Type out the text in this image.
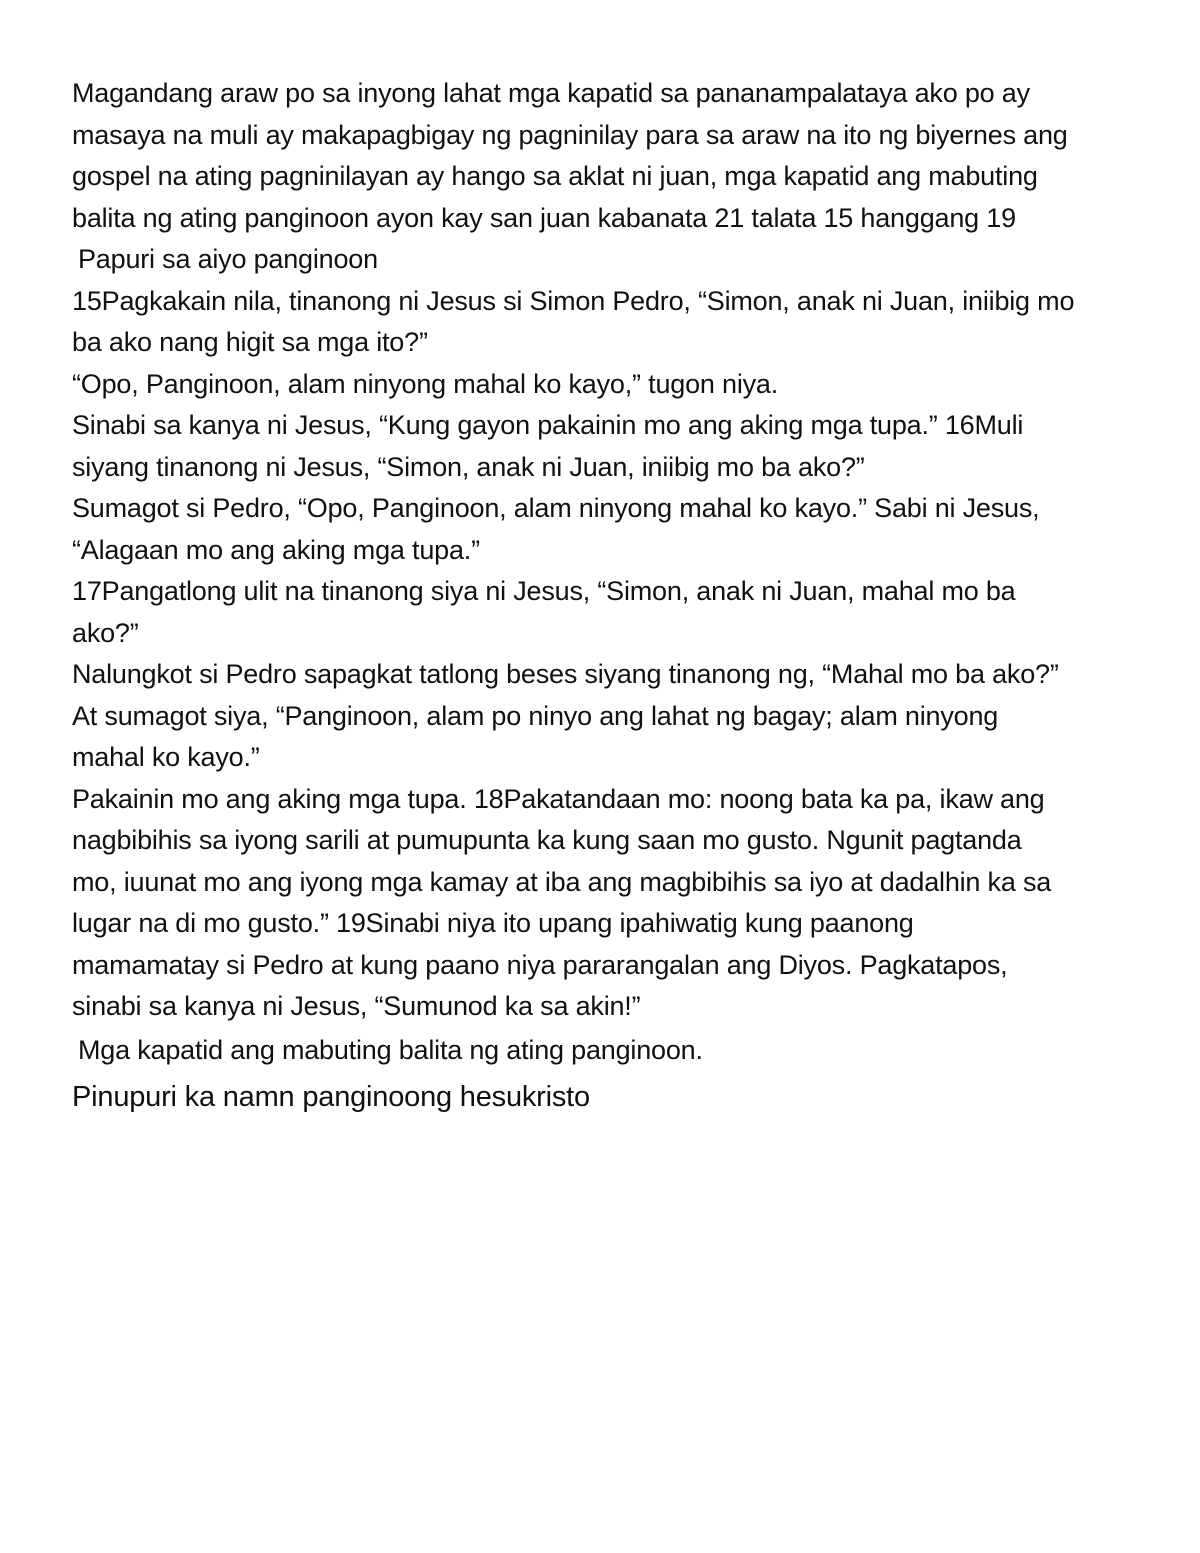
Magandang araw po sa inyong lahat mga kapatid sa pananampalataya ako po ay
masaya na muli ay makapagbigay ng pagninilay para sa araw na ito ng biyernes ang
gospel na ating pagninilayan ay hango sa aklat ni juan, mga kapatid ang mabuting
balita ng ating panginoon ayon kay san juan kabanata 21 talata 15 hanggang 19
Papuri sa aiyo panginoon
15Pagkakain nila, tinanong ni Jesus si Simon Pedro, “Simon, anak ni Juan, iniibig mo
ba ako nang higit sa mga ito?”
“Opo, Panginoon, alam ninyong mahal ko kayo,” tugon niya.
Sinabi sa kanya ni Jesus, “Kung gayon pakainin mo ang aking mga tupa.” 16Muli
siyang tinanong ni Jesus, “Simon, anak ni Juan, iniibig mo ba ako?”
Sumagot si Pedro, “Opo, Panginoon, alam ninyong mahal ko kayo.” Sabi ni Jesus,
“Alagaan mo ang aking mga tupa.”
17Pangatlong ulit na tinanong siya ni Jesus, “Simon, anak ni Juan, mahal mo ba
ako?”
Nalungkot si Pedro sapagkat tatlong beses siyang tinanong ng, “Mahal mo ba ako?”
At sumagot siya, “Panginoon, alam po ninyo ang lahat ng bagay; alam ninyong
mahal ko kayo.”
Pakainin mo ang aking mga tupa. 18Pakatandaan mo: noong bata ka pa, ikaw ang
nagbibihis sa iyong sarili at pumupunta ka kung saan mo gusto. Ngunit pagtanda
mo, iuunat mo ang iyong mga kamay at iba ang magbibihis sa iyo at dadalhin ka sa
lugar na di mo gusto.” 19Sinabi niya ito upang ipahiwatig kung paanong
mamamatay si Pedro at kung paano niya pararangalan ang Diyos. Pagkatapos,
sinabi sa kanya ni Jesus, “Sumunod ka sa akin!”
Mga kapatid ang mabuting balita ng ating panginoon.
Pinupuri ka namn panginoong hesukristo
